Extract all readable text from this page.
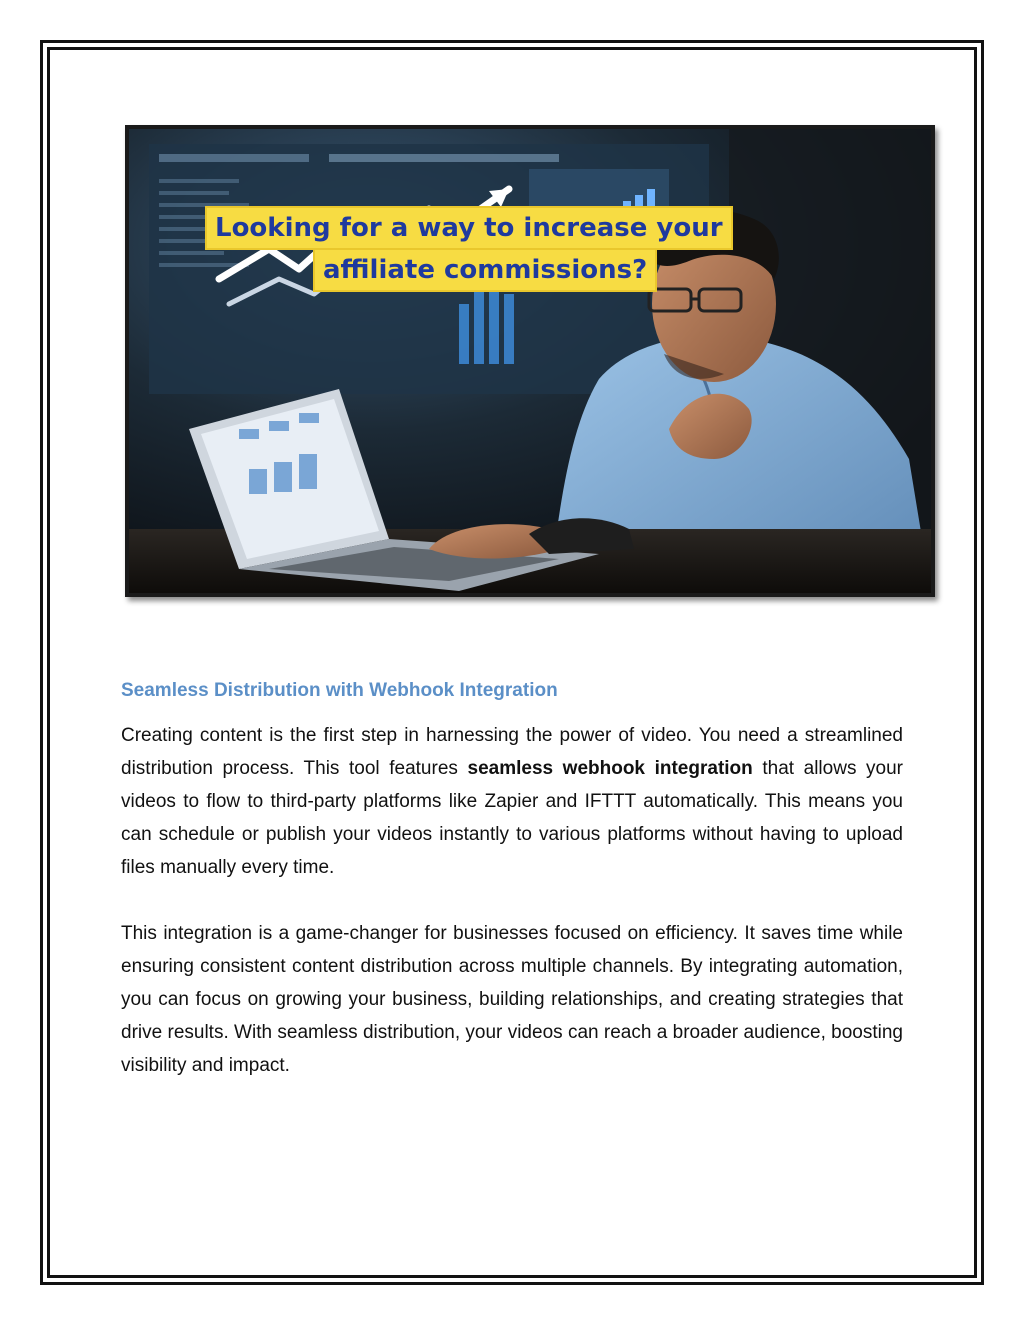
Looking for a way to increase your
affiliate commissions?
Seamless Distribution with Webhook Integration

Creating content is the first step in harnessing the power of video. You need a streamlined distribution process. This tool features seamless webhook integration that allows your videos to flow to third-party platforms like Zapier and IFTTT automatically. This means you can schedule or publish your videos instantly to various platforms without having to upload files manually every time.

This integration is a game-changer for businesses focused on efficiency. It saves time while ensuring consistent content distribution across multiple channels. By integrating automation, you can focus on growing your business, building relationships, and creating strategies that drive results. With seamless distribution, your videos can reach a broader audience, boosting visibility and impact.
